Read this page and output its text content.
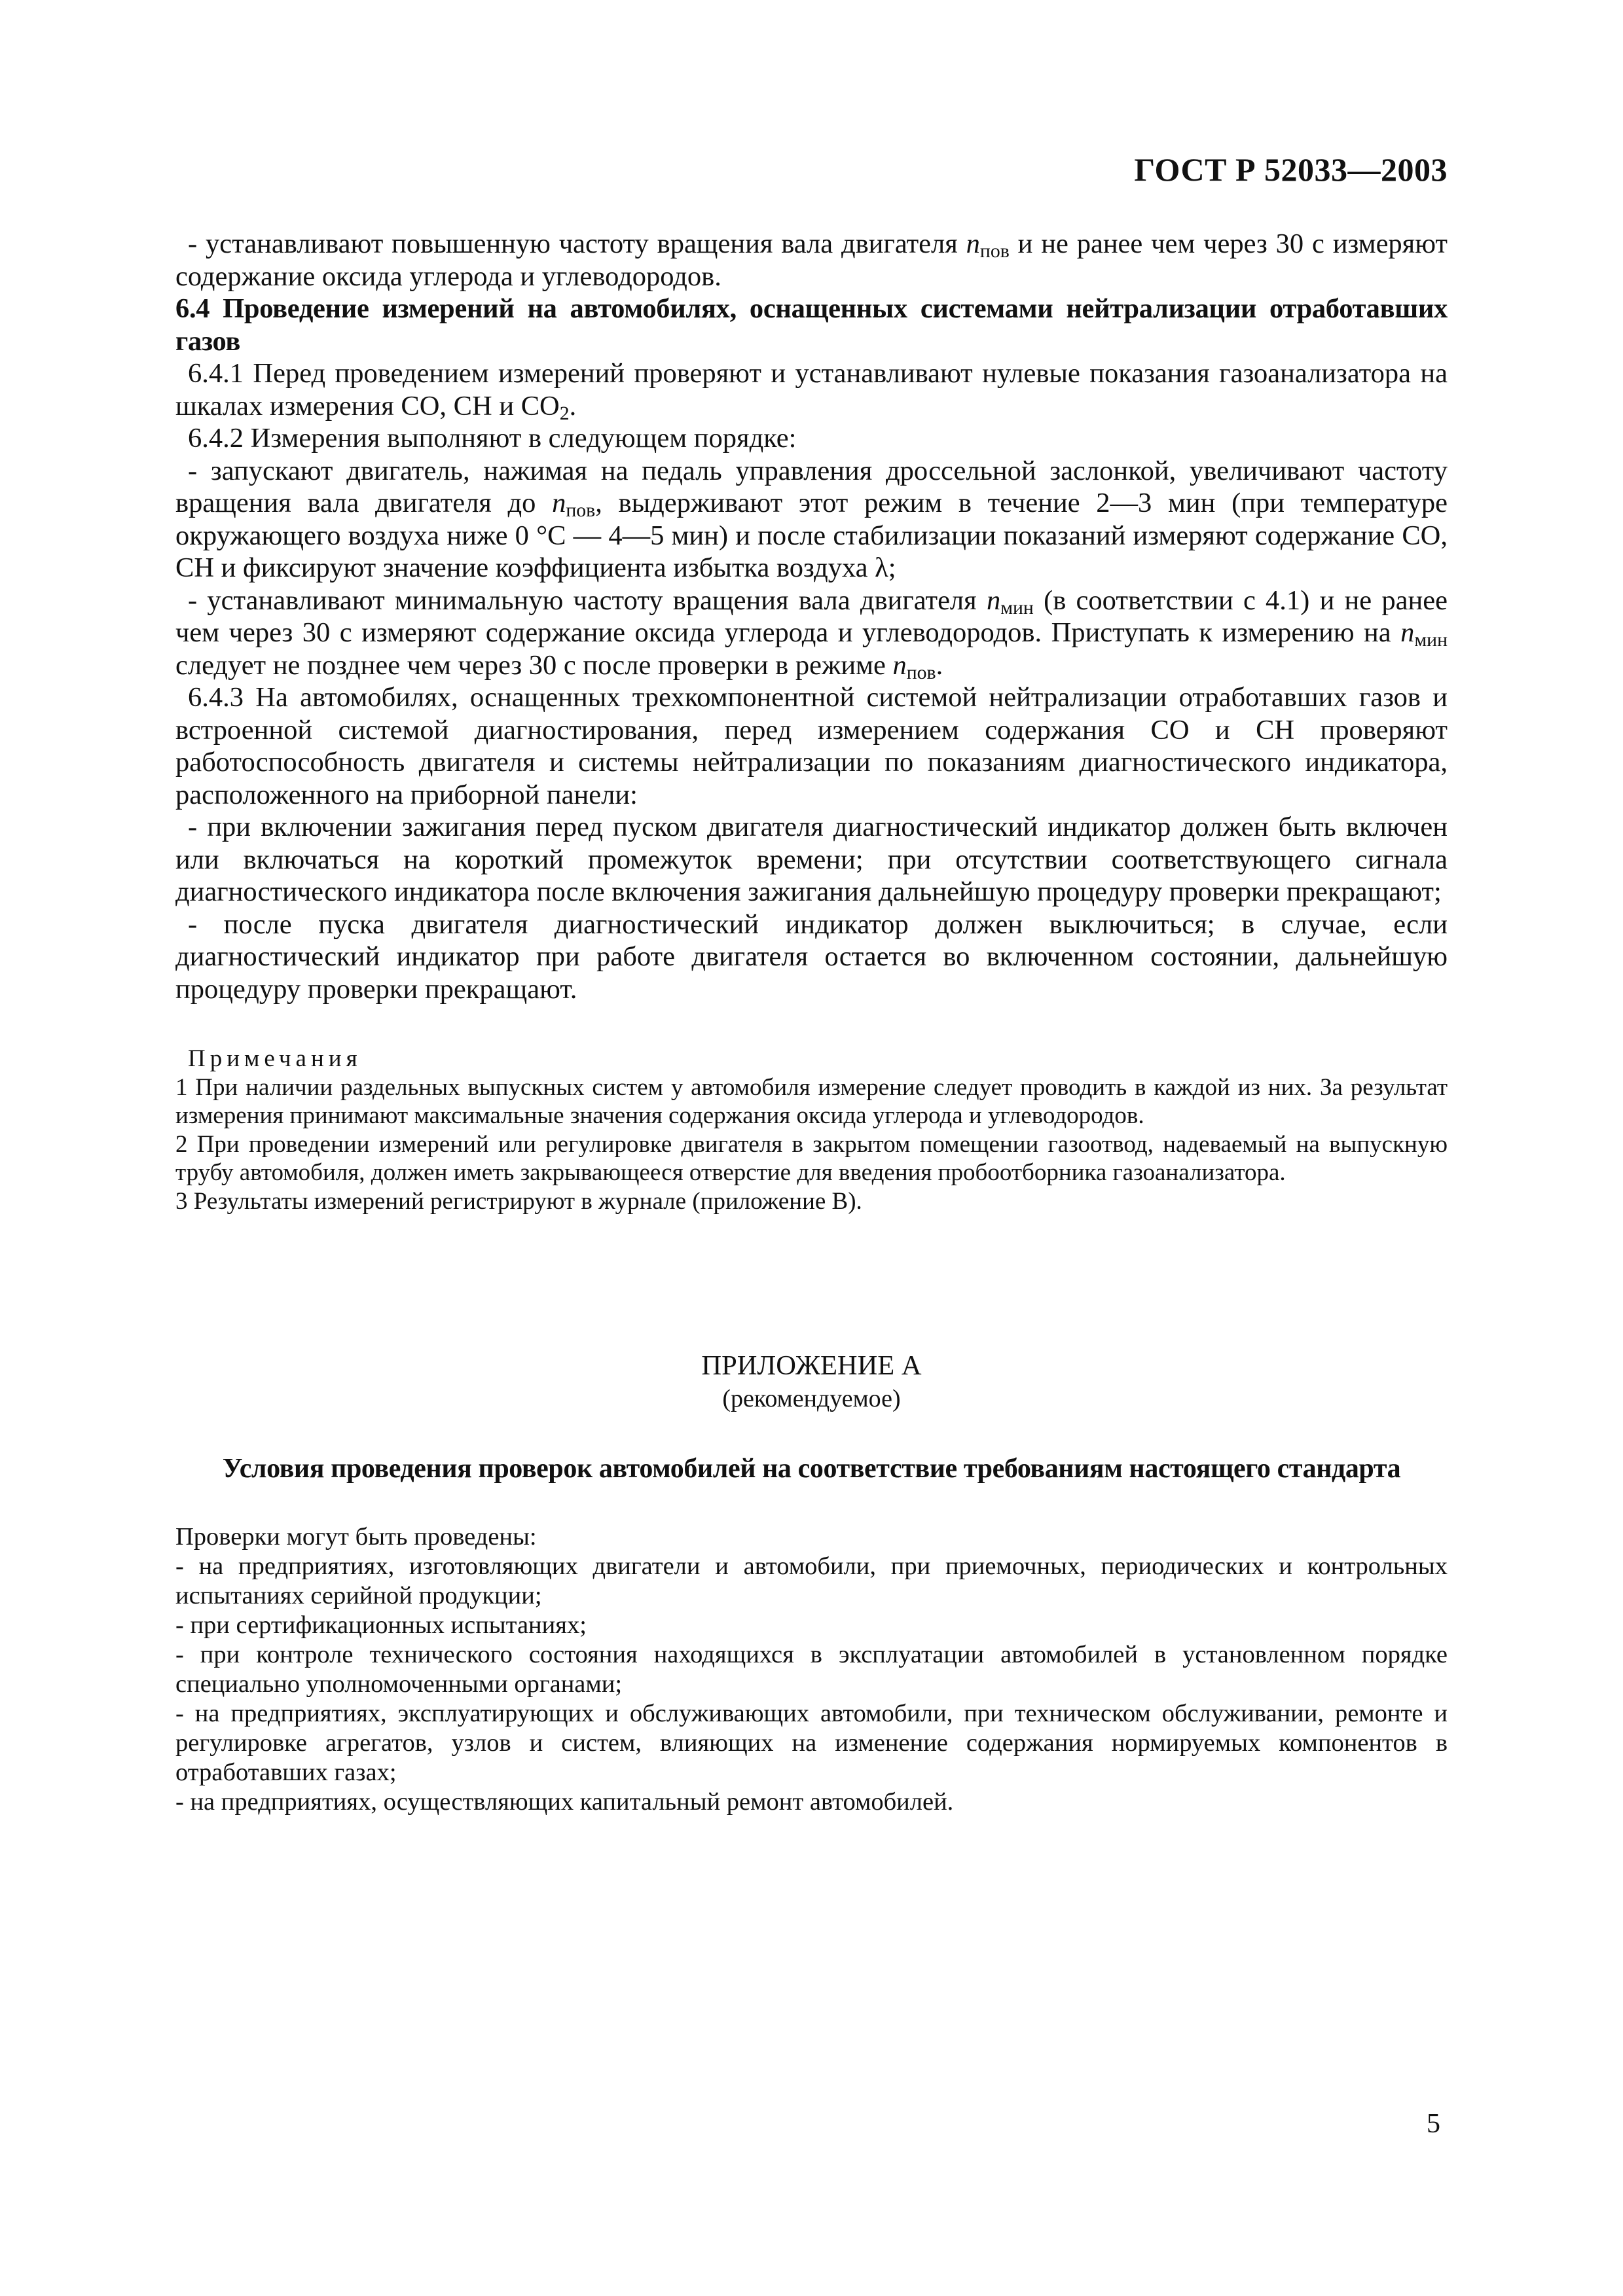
ГОСТ Р 52033—2003

- устанавливают повышенную частоту вращения вала двигателя $n_{пов}$ и не ранее чем через 30 с измеряют содержание оксида углерода и углеводородов.

6.4 Проведение измерений на автомобилях, оснащенных системами нейтрализации отработавших газов

6.4.1 Перед проведением измерений проверяют и устанавливают нулевые показания газоанализатора на шкалах измерения СО, СН и $СО_2$.

6.4.2 Измерения выполняют в следующем порядке:

- запускают двигатель, нажимая на педаль управления дроссельной заслонкой, увеличивают частоту вращения вала двигателя до $n_{пов}$, выдерживают этот режим в течение 2—3 мин (при температуре окружающего воздуха ниже 0 °С — 4—5 мин) и после стабилизации показаний измеряют содержание СО, СН и фиксируют значение коэффициента избытка воздуха λ;

- устанавливают минимальную частоту вращения вала двигателя $n_{мин}$ (в соответствии с 4.1) и не ранее чем через 30 с измеряют содержание оксида углерода и углеводородов. Приступать к измерению на $n_{мин}$ следует не позднее чем через 30 с после проверки в режиме $n_{пов}$.

6.4.3 На автомобилях, оснащенных трехкомпонентной системой нейтрализации отработавших газов и встроенной системой диагностирования, перед измерением содержания СО и СН проверяют работоспособность двигателя и системы нейтрализации по показаниям диагностического индикатора, расположенного на приборной панели:

- при включении зажигания перед пуском двигателя диагностический индикатор должен быть включен или включаться на короткий промежуток времени; при отсутствии соответствующего сигнала диагностического индикатора после включения зажигания дальнейшую процедуру проверки прекращают;

- после пуска двигателя диагностический индикатор должен выключиться; в случае, если диагностический индикатор при работе двигателя остается во включенном состоянии, дальнейшую процедуру проверки прекращают.

Примечания

1 При наличии раздельных выпускных систем у автомобиля измерение следует проводить в каждой из них. За результат измерения принимают максимальные значения содержания оксида углерода и углеводородов.

2 При проведении измерений или регулировке двигателя в закрытом помещении газоотвод, надеваемый на выпускную трубу автомобиля, должен иметь закрывающееся отверстие для введения пробоотборника газоанализатора.

3 Результаты измерений регистрируют в журнале (приложение В).

ПРИЛОЖЕНИЕ А
(рекомендуемое)
Условия проведения проверок автомобилей на соответствие требованиям настоящего стандарта

Проверки могут быть проведены:

- на предприятиях, изготовляющих двигатели и автомобили, при приемочных, периодических и контрольных испытаниях серийной продукции;

- при сертификационных испытаниях;

- при контроле технического состояния находящихся в эксплуатации автомобилей в установленном порядке специально уполномоченными органами;

- на предприятиях, эксплуатирующих и обслуживающих автомобили, при техническом обслуживании, ремонте и регулировке агрегатов, узлов и систем, влияющих на изменение содержания нормируемых компонентов в отработавших газах;

- на предприятиях, осуществляющих капитальный ремонт автомобилей.

5
